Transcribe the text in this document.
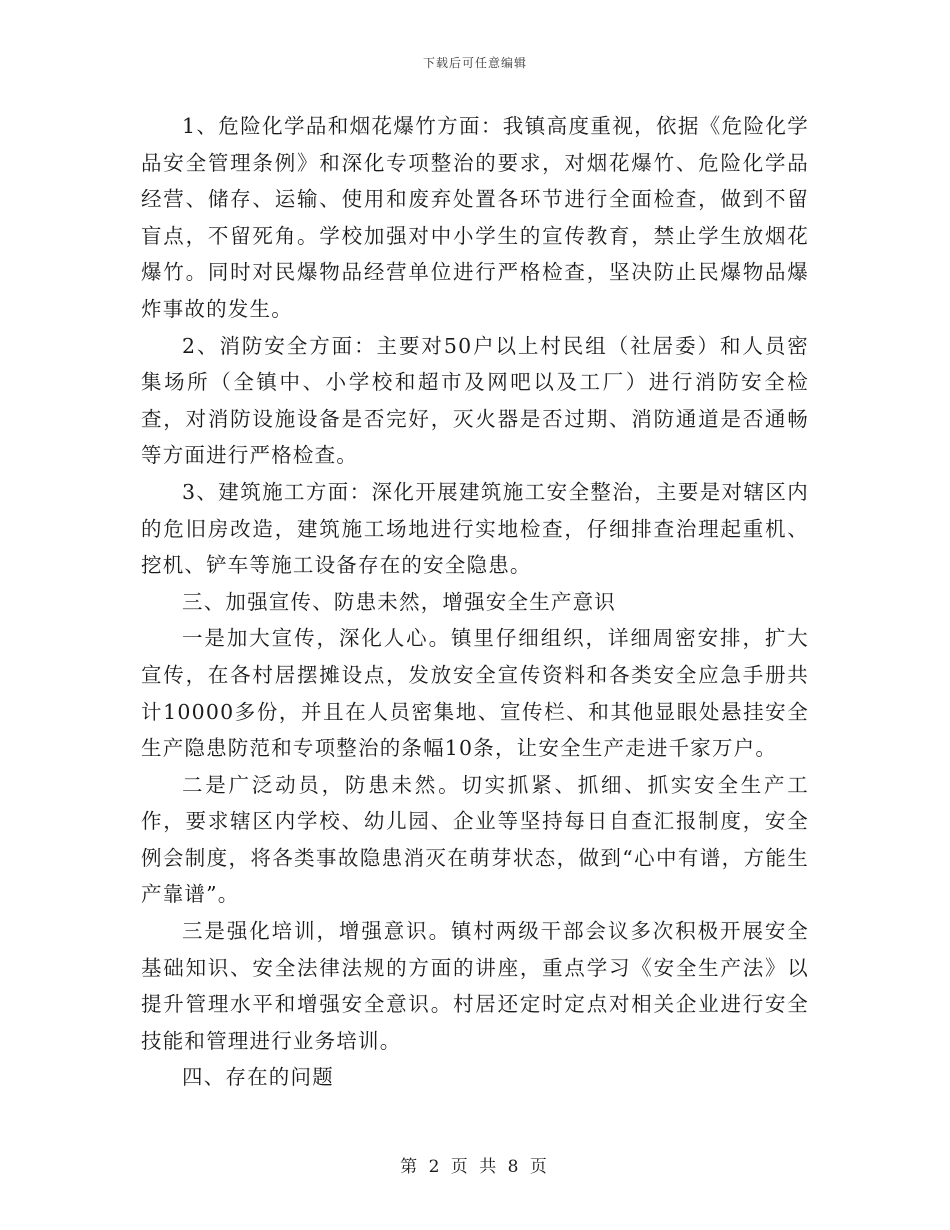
下载后可任意编辑

1、危险化学品和烟花爆竹方面：我镇高度重视，依据《危险化学品安全管理条例》和深化专项整治的要求，对烟花爆竹、危险化学品经营、储存、运输、使用和废弃处置各环节进行全面检查，做到不留盲点，不留死角。学校加强对中小学生的宣传教育，禁止学生放烟花爆竹。同时对民爆物品经营单位进行严格检查，坚决防止民爆物品爆炸事故的发生。

2、消防安全方面：主要对50户以上村民组（社居委）和人员密集场所（全镇中、小学校和超市及网吧以及工厂）进行消防安全检查，对消防设施设备是否完好，灭火器是否过期、消防通道是否通畅等方面进行严格检查。

3、建筑施工方面：深化开展建筑施工安全整治，主要是对辖区内的危旧房改造，建筑施工场地进行实地检查，仔细排查治理起重机、挖机、铲车等施工设备存在的安全隐患。

三、加强宣传、防患未然，增强安全生产意识

一是加大宣传，深化人心。镇里仔细组织，详细周密安排，扩大宣传，在各村居摆摊设点，发放安全宣传资料和各类安全应急手册共计10000多份，并且在人员密集地、宣传栏、和其他显眼处悬挂安全生产隐患防范和专项整治的条幅10条，让安全生产走进千家万户。

二是广泛动员，防患未然。切实抓紧、抓细、抓实安全生产工作，要求辖区内学校、幼儿园、企业等坚持每日自查汇报制度，安全例会制度，将各类事故隐患消灭在萌芽状态，做到“心中有谱，方能生产靠谱”。

三是强化培训，增强意识。镇村两级干部会议多次积极开展安全基础知识、安全法律法规的方面的讲座，重点学习《安全生产法》以提升管理水平和增强安全意识。村居还定时定点对相关企业进行安全技能和管理进行业务培训。

四、存在的问题

第 2 页 共 8 页
